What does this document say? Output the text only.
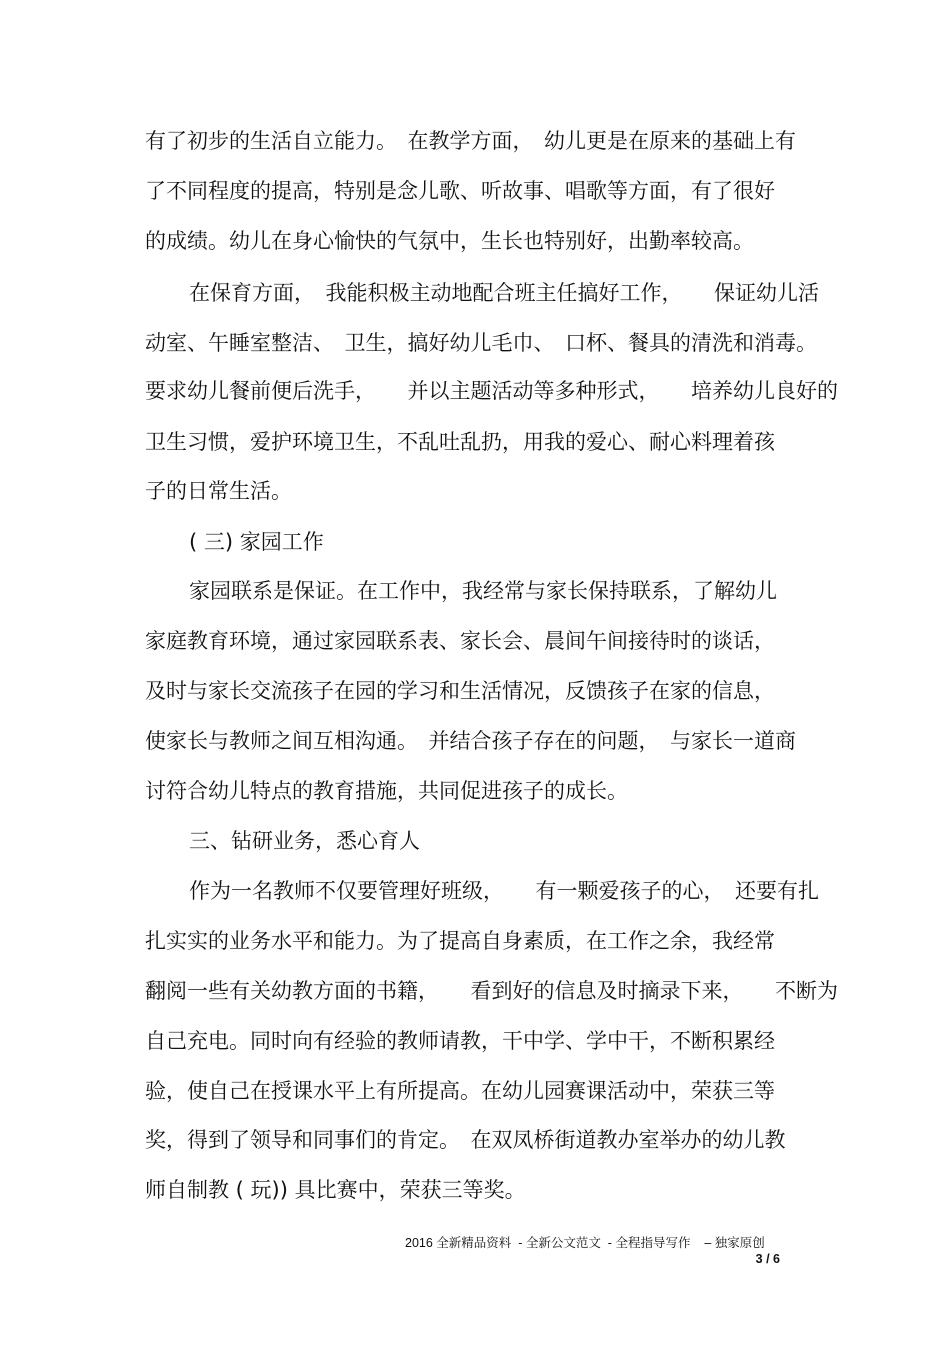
有了初步的生活自立能力。　在教学方面，　幼儿更是在原来的基础上有
了不同程度的提高，特别是念儿歌、听故事、唱歌等方面，有了很好
的成绩。幼儿在身心愉快的气氛中，生长也特别好，出勤率较高。
在保育方面，　我能积极主动地配合班主任搞好工作，　　保证幼儿活
动室、午睡室整洁、　卫生，搞好幼儿毛巾、　口杯、餐具的清洗和消毒。
要求幼儿餐前便后洗手，　　并以主题活动等多种形式，　　培养幼儿良好的
卫生习惯，爱护环境卫生，不乱吐乱扔，用我的爱心、耐心料理着孩
子的日常生活。
( 三) 家园工作
家园联系是保证。在工作中，我经常与家长保持联系，了解幼儿
家庭教育环境，通过家园联系表、家长会、晨间午间接待时的谈话，
及时与家长交流孩子在园的学习和生活情况，反馈孩子在家的信息，
使家长与教师之间互相沟通。　并结合孩子存在的问题，　与家长一道商
讨符合幼儿特点的教育措施，共同促进孩子的成长。
三、钻研业务，悉心育人
作为一名教师不仅要管理好班级，　　有一颗爱孩子的心，　还要有扎
扎实实的业务水平和能力。为了提高自身素质，在工作之余，我经常
翻阅一些有关幼教方面的书籍，　　看到好的信息及时摘录下来，　　不断为
自己充电。同时向有经验的教师请教，干中学、学中干，不断积累经
验，使自己在授课水平上有所提高。在幼儿园赛课活动中，荣获三等
奖，得到了领导和同事们的肯定。　在双凤桥街道教办室举办的幼儿教
师自制教 ( 玩)) 具比赛中，荣获三等奖。
2016 全新精品资料  - 全新公文范文  - 全程指导写作    – 独家原创
3 / 6
